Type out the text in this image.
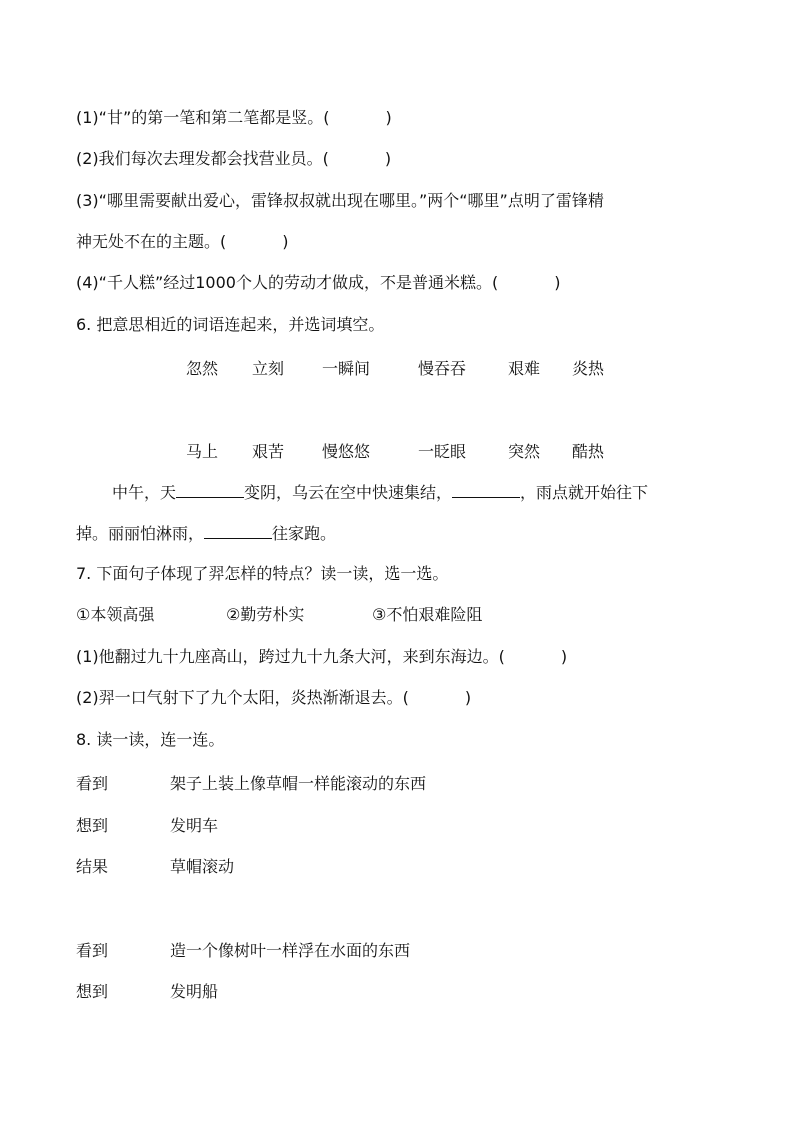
(1)“甘”的第一笔和第二笔都是竖。(	)
(2)我们每次去理发都会找营业员。(	)
(3)“哪里需要献出爱心，雷锋叔叔就出现在哪里。”两个“哪里”点明了雷锋精
神无处不在的主题。(	)
(4)“千人糕”经过1000个人的劳动才做成，不是普通米糕。(	)
6. 把意思相近的词语连起来，并选词填空。
忽然 立刻 一瞬间	慢吞吞	艰难 炎热
马上 艰苦 慢悠悠	一眨眼	突然 酷热
中午，天	变阴，乌云在空中快速集结，	，雨点就开始往下
掉。丽丽怕淋雨，	往家跑。
7. 下面句子体现了羿怎样的特点？读一读，选一选。
①本领高强	②勤劳朴实	③不怕艰难险阻
(1)他翻过九十九座高山，跨过九十九条大河，来到东海边。(	)
(2)羿一口气射下了九个太阳，炎热渐渐退去。(	)
8. 读一读，连一连。
看到	架子上装上像草帽一样能滚动的东西
想到	发明车
结果	草帽滚动
看到	造一个像树叶一样浮在水面的东西
想到	发明船
